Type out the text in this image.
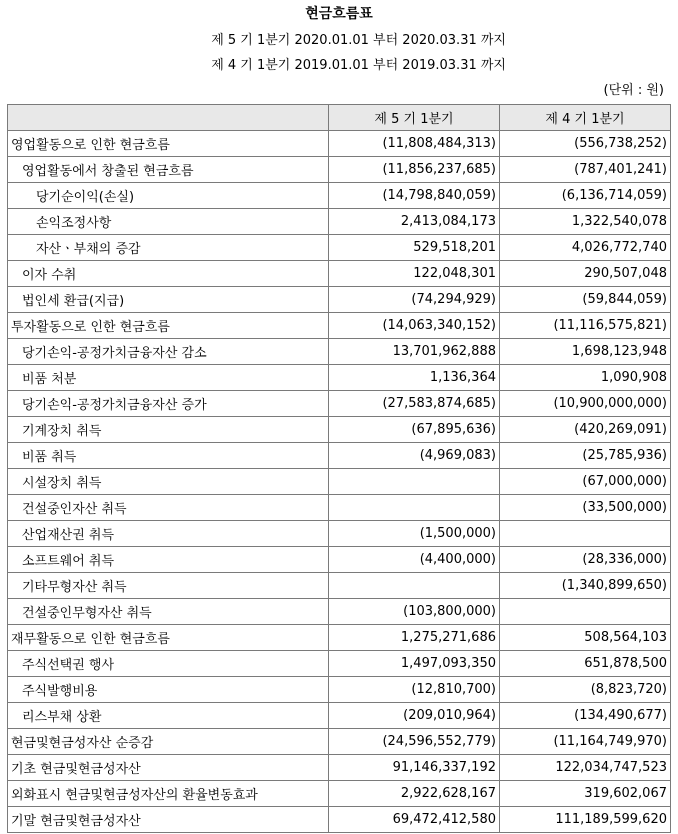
현금흐름표
제 5 기 1분기 2020.01.01 부터 2020.03.31 까지
제 4 기 1분기 2019.01.01 부터 2019.03.31 까지
(단위 : 원)
	제 5 기 1분기	제 4 기 1분기
영업활동으로 인한 현금흐름	(11,808,484,313)	(556,738,252)
영업활동에서 창출된 현금흐름	(11,856,237,685)	(787,401,241)
당기순이익(손실)	(14,798,840,059)	(6,136,714,059)
손익조정사항	2,413,084,173	1,322,540,078
자산ㆍ부채의 증감	529,518,201	4,026,772,740
이자 수취	122,048,301	290,507,048
법인세 환급(지급)	(74,294,929)	(59,844,059)
투자활동으로 인한 현금흐름	(14,063,340,152)	(11,116,575,821)
당기손익-공정가치금융자산 감소	13,701,962,888	1,698,123,948
비품 처분	1,136,364	1,090,908
당기손익-공정가치금융자산 증가	(27,583,874,685)	(10,900,000,000)
기계장치 취득	(67,895,636)	(420,269,091)
비품 취득	(4,969,083)	(25,785,936)
시설장치 취득		(67,000,000)
건설중인자산 취득		(33,500,000)
산업재산권 취득	(1,500,000)	
소프트웨어 취득	(4,400,000)	(28,336,000)
기타무형자산 취득		(1,340,899,650)
건설중인무형자산 취득	(103,800,000)	
재무활동으로 인한 현금흐름	1,275,271,686	508,564,103
주식선택권 행사	1,497,093,350	651,878,500
주식발행비용	(12,810,700)	(8,823,720)
리스부채 상환	(209,010,964)	(134,490,677)
현금및현금성자산 순증감	(24,596,552,779)	(11,164,749,970)
기초 현금및현금성자산	91,146,337,192	122,034,747,523
외화표시 현금및현금성자산의 환율변동효과	2,922,628,167	319,602,067
기말 현금및현금성자산	69,472,412,580	111,189,599,620
